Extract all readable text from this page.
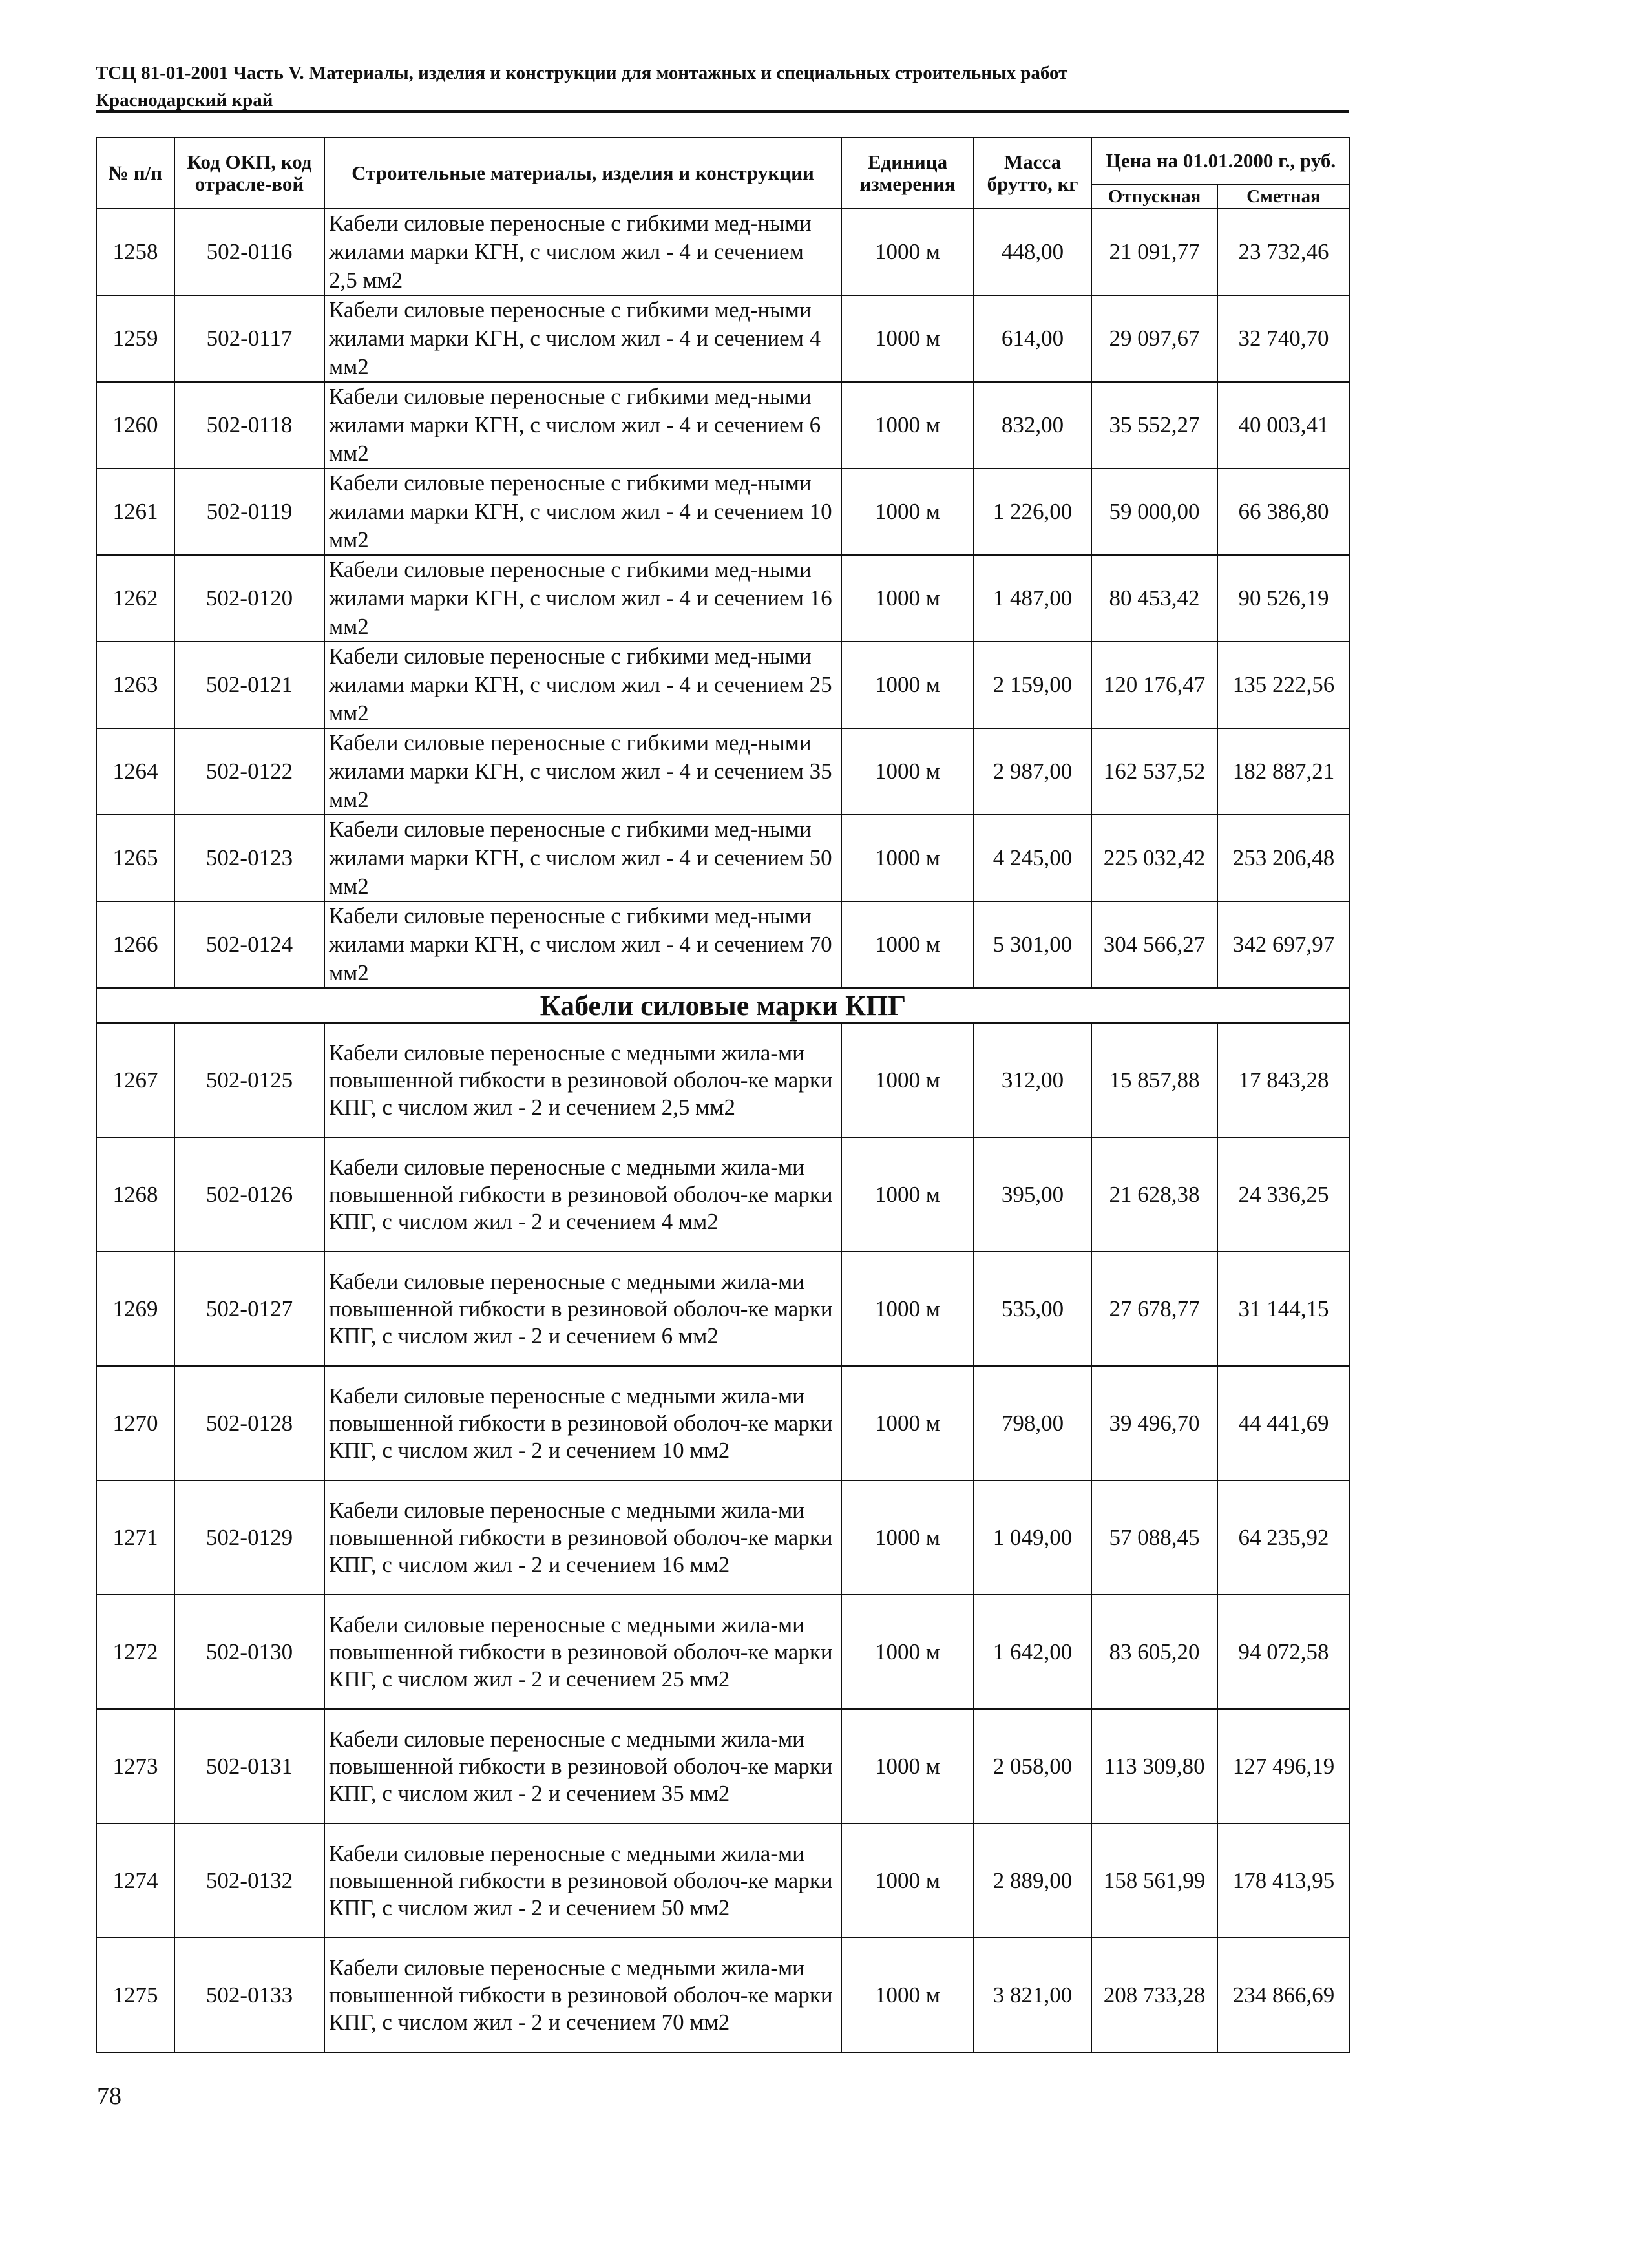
ТСЦ 81-01-2001 Часть V. Материалы, изделия и конструкции для монтажных и специальных строительных работ
Краснодарский край
№ п/п	Код ОКП, код отрасле-вой	Строительные материалы, изделия и конструкции	Единица измерения	Масса брутто, кг	Цена на 01.01.2000 г., руб.	
					Отпускная	Сметная
1258	502-0116	Кабели силовые переносные с гибкими мед-ными жилами марки КГН, с числом жил - 4 и сечением 2,5 мм2	1000 м	448,00	21 091,77	23 732,46
1259	502-0117	Кабели силовые переносные с гибкими мед-ными жилами марки КГН, с числом жил - 4 и сечением 4 мм2	1000 м	614,00	29 097,67	32 740,70
1260	502-0118	Кабели силовые переносные с гибкими мед-ными жилами марки КГН, с числом жил - 4 и сечением 6 мм2	1000 м	832,00	35 552,27	40 003,41
1261	502-0119	Кабели силовые переносные с гибкими мед-ными жилами марки КГН, с числом жил - 4 и сечением 10 мм2	1000 м	1 226,00	59 000,00	66 386,80
1262	502-0120	Кабели силовые переносные с гибкими мед-ными жилами марки КГН, с числом жил - 4 и сечением 16 мм2	1000 м	1 487,00	80 453,42	90 526,19
1263	502-0121	Кабели силовые переносные с гибкими мед-ными жилами марки КГН, с числом жил - 4 и сечением 25 мм2	1000 м	2 159,00	120 176,47	135 222,56
1264	502-0122	Кабели силовые переносные с гибкими мед-ными жилами марки КГН, с числом жил - 4 и сечением 35 мм2	1000 м	2 987,00	162 537,52	182 887,21
1265	502-0123	Кабели силовые переносные с гибкими мед-ными жилами марки КГН, с числом жил - 4 и сечением 50 мм2	1000 м	4 245,00	225 032,42	253 206,48
1266	502-0124	Кабели силовые переносные с гибкими мед-ными жилами марки КГН, с числом жил - 4 и сечением 70 мм2	1000 м	5 301,00	304 566,27	342 697,97
Кабели силовые марки КПГ						
1267	502-0125	Кабели силовые переносные с медными жила-ми повышенной гибкости в резиновой оболоч-ке марки КПГ, с числом жил - 2 и сечением 2,5 мм2	1000 м	312,00	15 857,88	17 843,28
1268	502-0126	Кабели силовые переносные с медными жила-ми повышенной гибкости в резиновой оболоч-ке марки КПГ, с числом жил - 2 и сечением 4 мм2	1000 м	395,00	21 628,38	24 336,25
1269	502-0127	Кабели силовые переносные с медными жила-ми повышенной гибкости в резиновой оболоч-ке марки КПГ, с числом жил - 2 и сечением 6 мм2	1000 м	535,00	27 678,77	31 144,15
1270	502-0128	Кабели силовые переносные с медными жила-ми повышенной гибкости в резиновой оболоч-ке марки КПГ, с числом жил - 2 и сечением 10 мм2	1000 м	798,00	39 496,70	44 441,69
1271	502-0129	Кабели силовые переносные с медными жила-ми повышенной гибкости в резиновой оболоч-ке марки КПГ, с числом жил - 2 и сечением 16 мм2	1000 м	1 049,00	57 088,45	64 235,92
1272	502-0130	Кабели силовые переносные с медными жила-ми повышенной гибкости в резиновой оболоч-ке марки КПГ, с числом жил - 2 и сечением 25 мм2	1000 м	1 642,00	83 605,20	94 072,58
1273	502-0131	Кабели силовые переносные с медными жила-ми повышенной гибкости в резиновой оболоч-ке марки КПГ, с числом жил - 2 и сечением 35 мм2	1000 м	2 058,00	113 309,80	127 496,19
1274	502-0132	Кабели силовые переносные с медными жила-ми повышенной гибкости в резиновой оболоч-ке марки КПГ, с числом жил - 2 и сечением 50 мм2	1000 м	2 889,00	158 561,99	178 413,95
1275	502-0133	Кабели силовые переносные с медными жила-ми повышенной гибкости в резиновой оболоч-ке марки КПГ, с числом жил - 2 и сечением 70 мм2	1000 м	3 821,00	208 733,28	234 866,69
78
